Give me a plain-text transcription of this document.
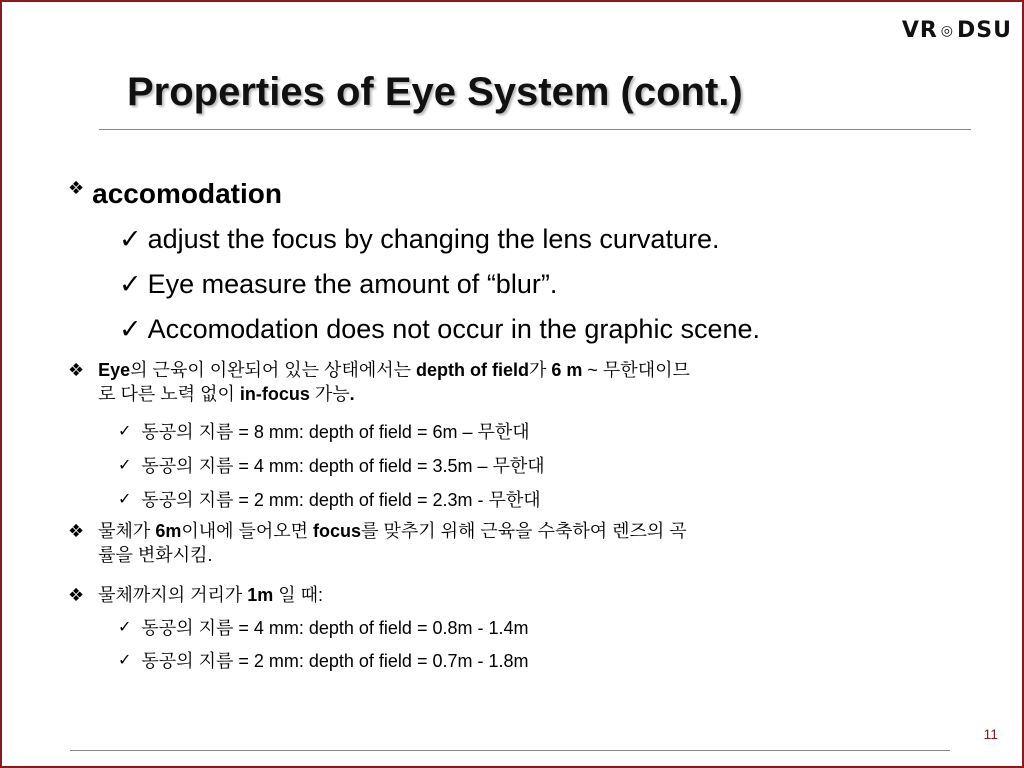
VR ◎ DSU
Properties of Eye System (cont.)
❖ accomodation
✓ adjust the focus by changing the lens curvature.
✓ Eye measure the amount of “blur”.
✓ Accomodation does not occur in the graphic scene.
❖ Eye의 근육이 이완되어 있는 상태에서는 depth of field가 6 m ~ 무한대이므
로 다른 노력 없이 in-focus 가능.
✓ 동공의 지름 = 8 mm: depth of field = 6m – 무한대
✓ 동공의 지름 = 4 mm: depth of field = 3.5m – 무한대
✓ 동공의 지름 = 2 mm: depth of field = 2.3m - 무한대
❖ 물체가 6m이내에 들어오면 focus를 맞추기 위해 근육을 수축하여 렌즈의 곡
률을 변화시킴.
❖ 물체까지의 거리가 1m 일 때:
✓ 동공의 지름 = 4 mm: depth of field = 0.8m - 1.4m
✓ 동공의 지름 = 2 mm: depth of field = 0.7m - 1.8m
11
